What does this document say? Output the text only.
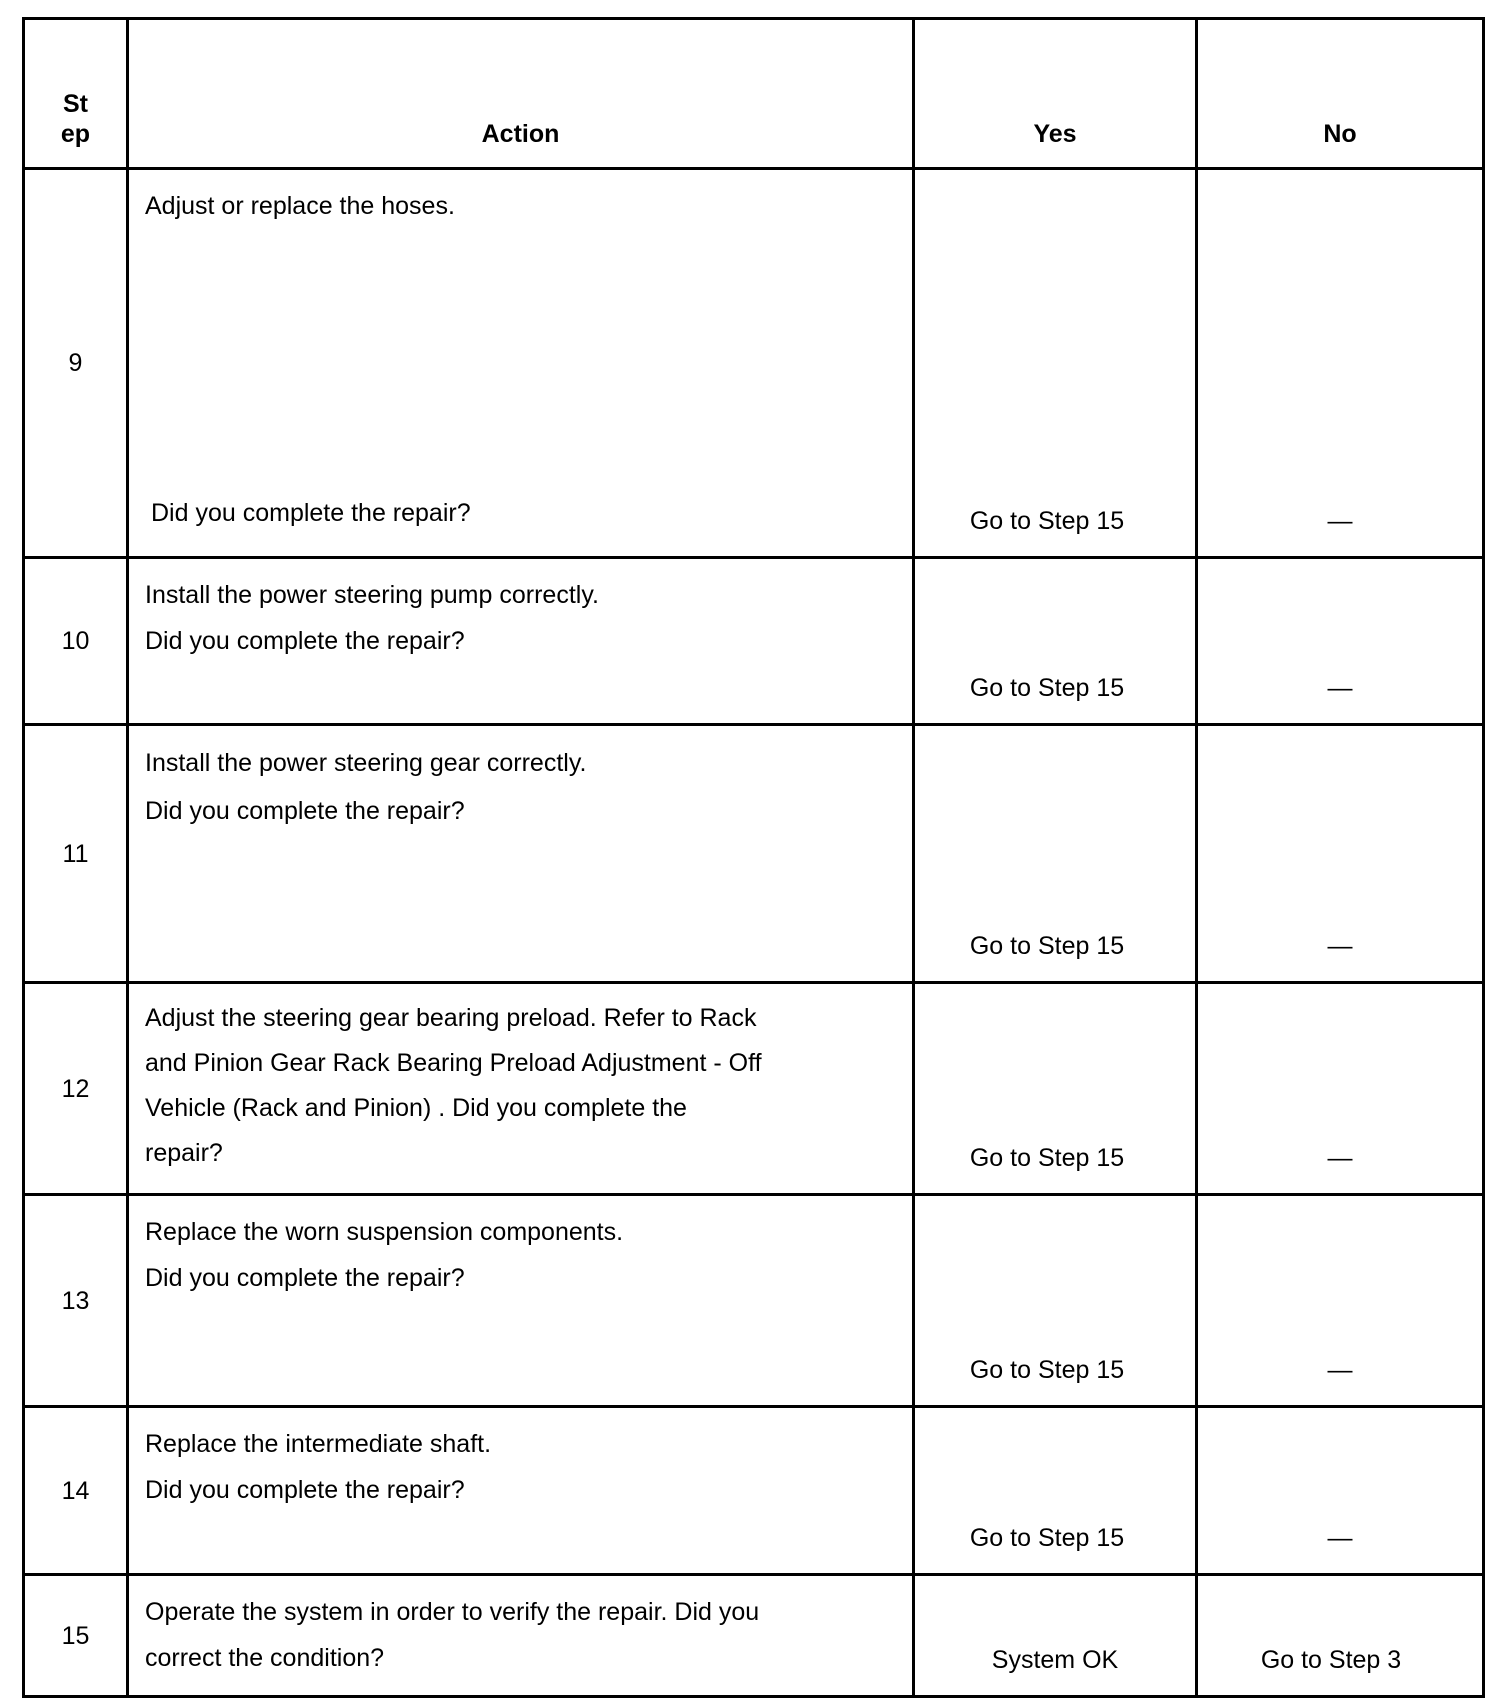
St
ep	Action	Yes	No
9	Adjust or replace the hoses.
Did you complete the repair?	Go to Step 15	—

10	Install the power steering pump correctly.
Did you complete the repair?	Go to Step 15	—

11	Install the power steering gear correctly.
Did you complete the repair?	Go to Step 15	—

12	Adjust the steering gear bearing preload. Refer to Rack
and Pinion Gear Rack Bearing Preload Adjustment - Off
Vehicle (Rack and Pinion) . Did you complete the
repair?	Go to Step 15	—

13	Replace the worn suspension components.
Did you complete the repair?	Go to Step 15	—

14	Replace the intermediate shaft.
Did you complete the repair?	Go to Step 15	—

15	Operate the system in order to verify the repair. Did you
correct the condition?	System OK	Go to Step 3
